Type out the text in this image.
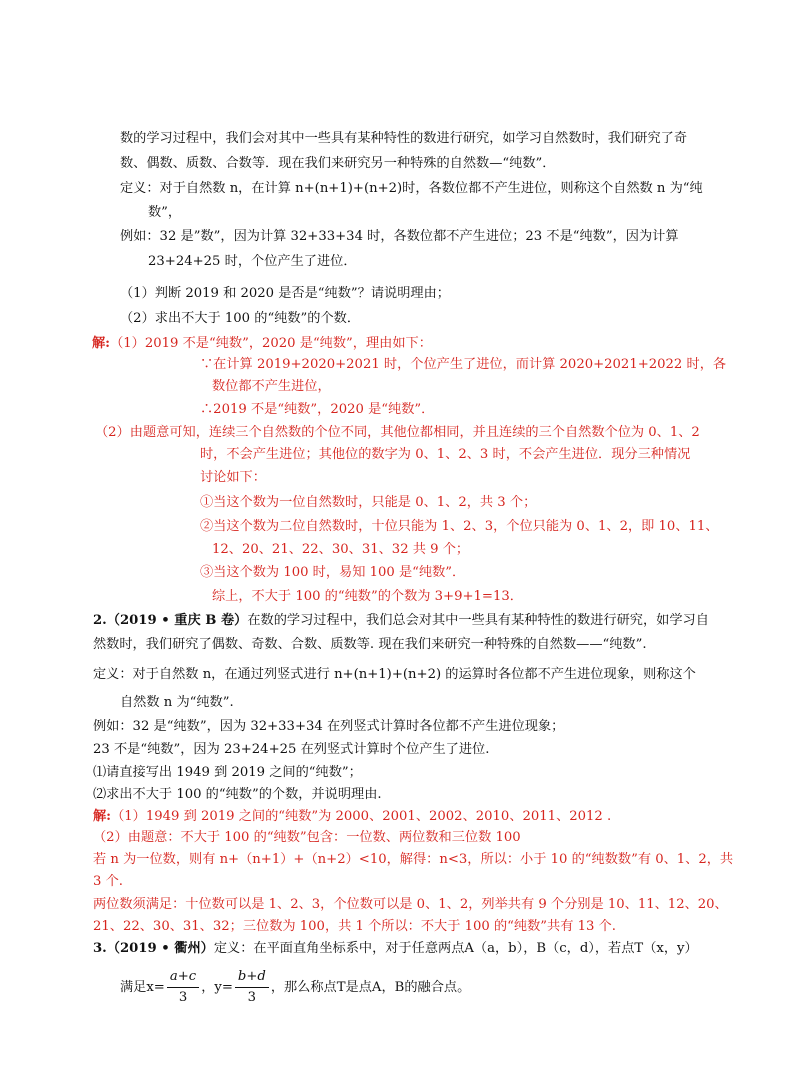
数的学习过程中，我们会对其中一些具有某种特性的数进行研究，如学习自然数时，我们研究了奇
数、偶数、质数、合数等．现在我们来研究另一种特殊的自然数—“纯数”．
定义：对于自然数 n，在计算 n+(n+1)+(n+2)时，各数位都不产生进位，则称这个自然数 n 为“纯
数”，
例如：32 是”数”，因为计算 32+33+34 时，各数位都不产生进位；23 不是“纯数”，因为计算
23+24+25 时，个位产生了进位．
（1）判断 2019 和 2020 是否是“纯数”？请说明理由；
（2）求出不大于 100 的“纯数”的个数．
解:（1）2019 不是“纯数”，2020 是“纯数”，理由如下：
∵在计算 2019+2020+2021 时，个位产生了进位，而计算 2020+2021+2022 时，各
数位都不产生进位，
∴2019 不是“纯数”，2020 是“纯数”．
（2）由题意可知，连续三个自然数的个位不同，其他位都相同，并且连续的三个自然数个位为 0、1、2
时，不会产生进位；其他位的数字为 0、1、2、3 时，不会产生进位．现分三种情况
讨论如下：
①当这个数为一位自然数时，只能是 0、1、2，共 3 个；
②当这个数为二位自然数时，十位只能为 1、2、3，个位只能为 0、1、2，即 10、11、
12、20、21、22、30、31、32 共 9 个；
③当这个数为 100 时，易知 100 是“纯数”．
综上，不大于 100 的“纯数”的个数为 3+9+1=13．
2.（2019 • 重庆 B 卷）在数的学习过程中，我们总会对其中一些具有某种特性的数进行研究，如学习自
然数时，我们研究了偶数、奇数、合数、质数等. 现在我们来研究一种特殊的自然数——“纯数”.
定义：对于自然数 n，在通过列竖式进行 n+(n+1)+(n+2) 的运算时各位都不产生进位现象，则称这个
自然数 n 为“纯数”.
例如：32 是“纯数”，因为 32+33+34 在列竖式计算时各位都不产生进位现象；
23 不是“纯数”，因为 23+24+25 在列竖式计算时个位产生了进位.
⑴请直接写出 1949 到 2019 之间的“纯数”；
⑵求出不大于 100 的“纯数”的个数，并说明理由.
解:（1）1949 到 2019 之间的“纯数”为 2000、2001、2002、2010、2011、2012 .
（2）由题意：不大于 100 的“纯数”包含：一位数、两位数和三位数 100
若 n 为一位数，则有 n+（n+1）+（n+2）<10，解得：n<3，所以：小于 10 的“纯数数”有 0、1、2，共
3 个.
两位数须满足：十位数可以是 1、2、3，个位数可以是 0、1、2，列举共有 9 个分别是 10、11、12、20、
21、22、30、31、32；三位数为 100，共 1 个所以：不大于 100 的“纯数”共有 13 个.
3.（2019 • 衢州）定义：在平面直角坐标系中，对于任意两点A（a，b），B（c，d），若点T（x，y）
满足$x= \frac{a+c}{3}$ ，$y= \frac{b+d}{3}$ ，那么称点T是点A，B的融合点。
